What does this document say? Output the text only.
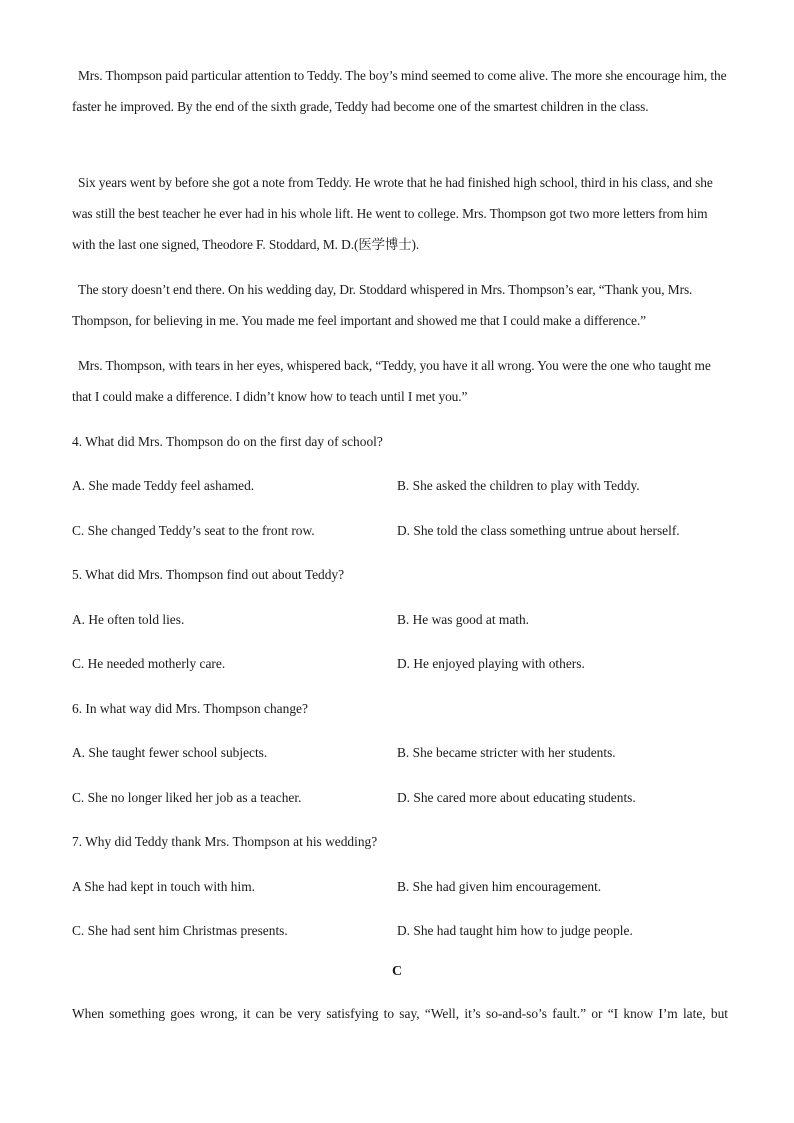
Mrs. Thompson paid particular attention to Teddy. The boy’s mind seemed to come alive. The more she encourage him, the faster he improved. By the end of the sixth grade, Teddy had become one of the smartest children in the class.
Six years went by before she got a note from Teddy. He wrote that he had finished high school, third in his class, and she was still the best teacher he ever had in his whole lift. He went to college. Mrs. Thompson got two more letters from him with the last one signed, Theodore F. Stoddard, M. D.(医学博士).
The story doesn’t end there. On his wedding day, Dr. Stoddard whispered in Mrs. Thompson’s ear, “Thank you, Mrs. Thompson, for believing in me. You made me feel important and showed me that I could make a difference.”
Mrs. Thompson, with tears in her eyes, whispered back, “Teddy, you have it all wrong. You were the one who taught me that I could make a difference. I didn’t know how to teach until I met you.”
4. What did Mrs. Thompson do on the first day of school?
A. She made Teddy feel ashamed.	B. She asked the children to play with Teddy.
C. She changed Teddy’s seat to the front row.	D. She told the class something untrue about herself.
5. What did Mrs. Thompson find out about Teddy?
A. He often told lies.	B. He was good at math.
C. He needed motherly care.	D. He enjoyed playing with others.
6. In what way did Mrs. Thompson change?
A. She taught fewer school subjects.	B. She became stricter with her students.
C. She no longer liked her job as a teacher.	D. She cared more about educating students.
7. Why did Teddy thank Mrs. Thompson at his wedding?
A She had kept in touch with him.	B. She had given him encouragement.
C. She had sent him Christmas presents.	D. She had taught him how to judge people.
C
When something goes wrong, it can be very satisfying to say, “Well, it’s so-and-so’s fault.” or “I know I’m late, but
